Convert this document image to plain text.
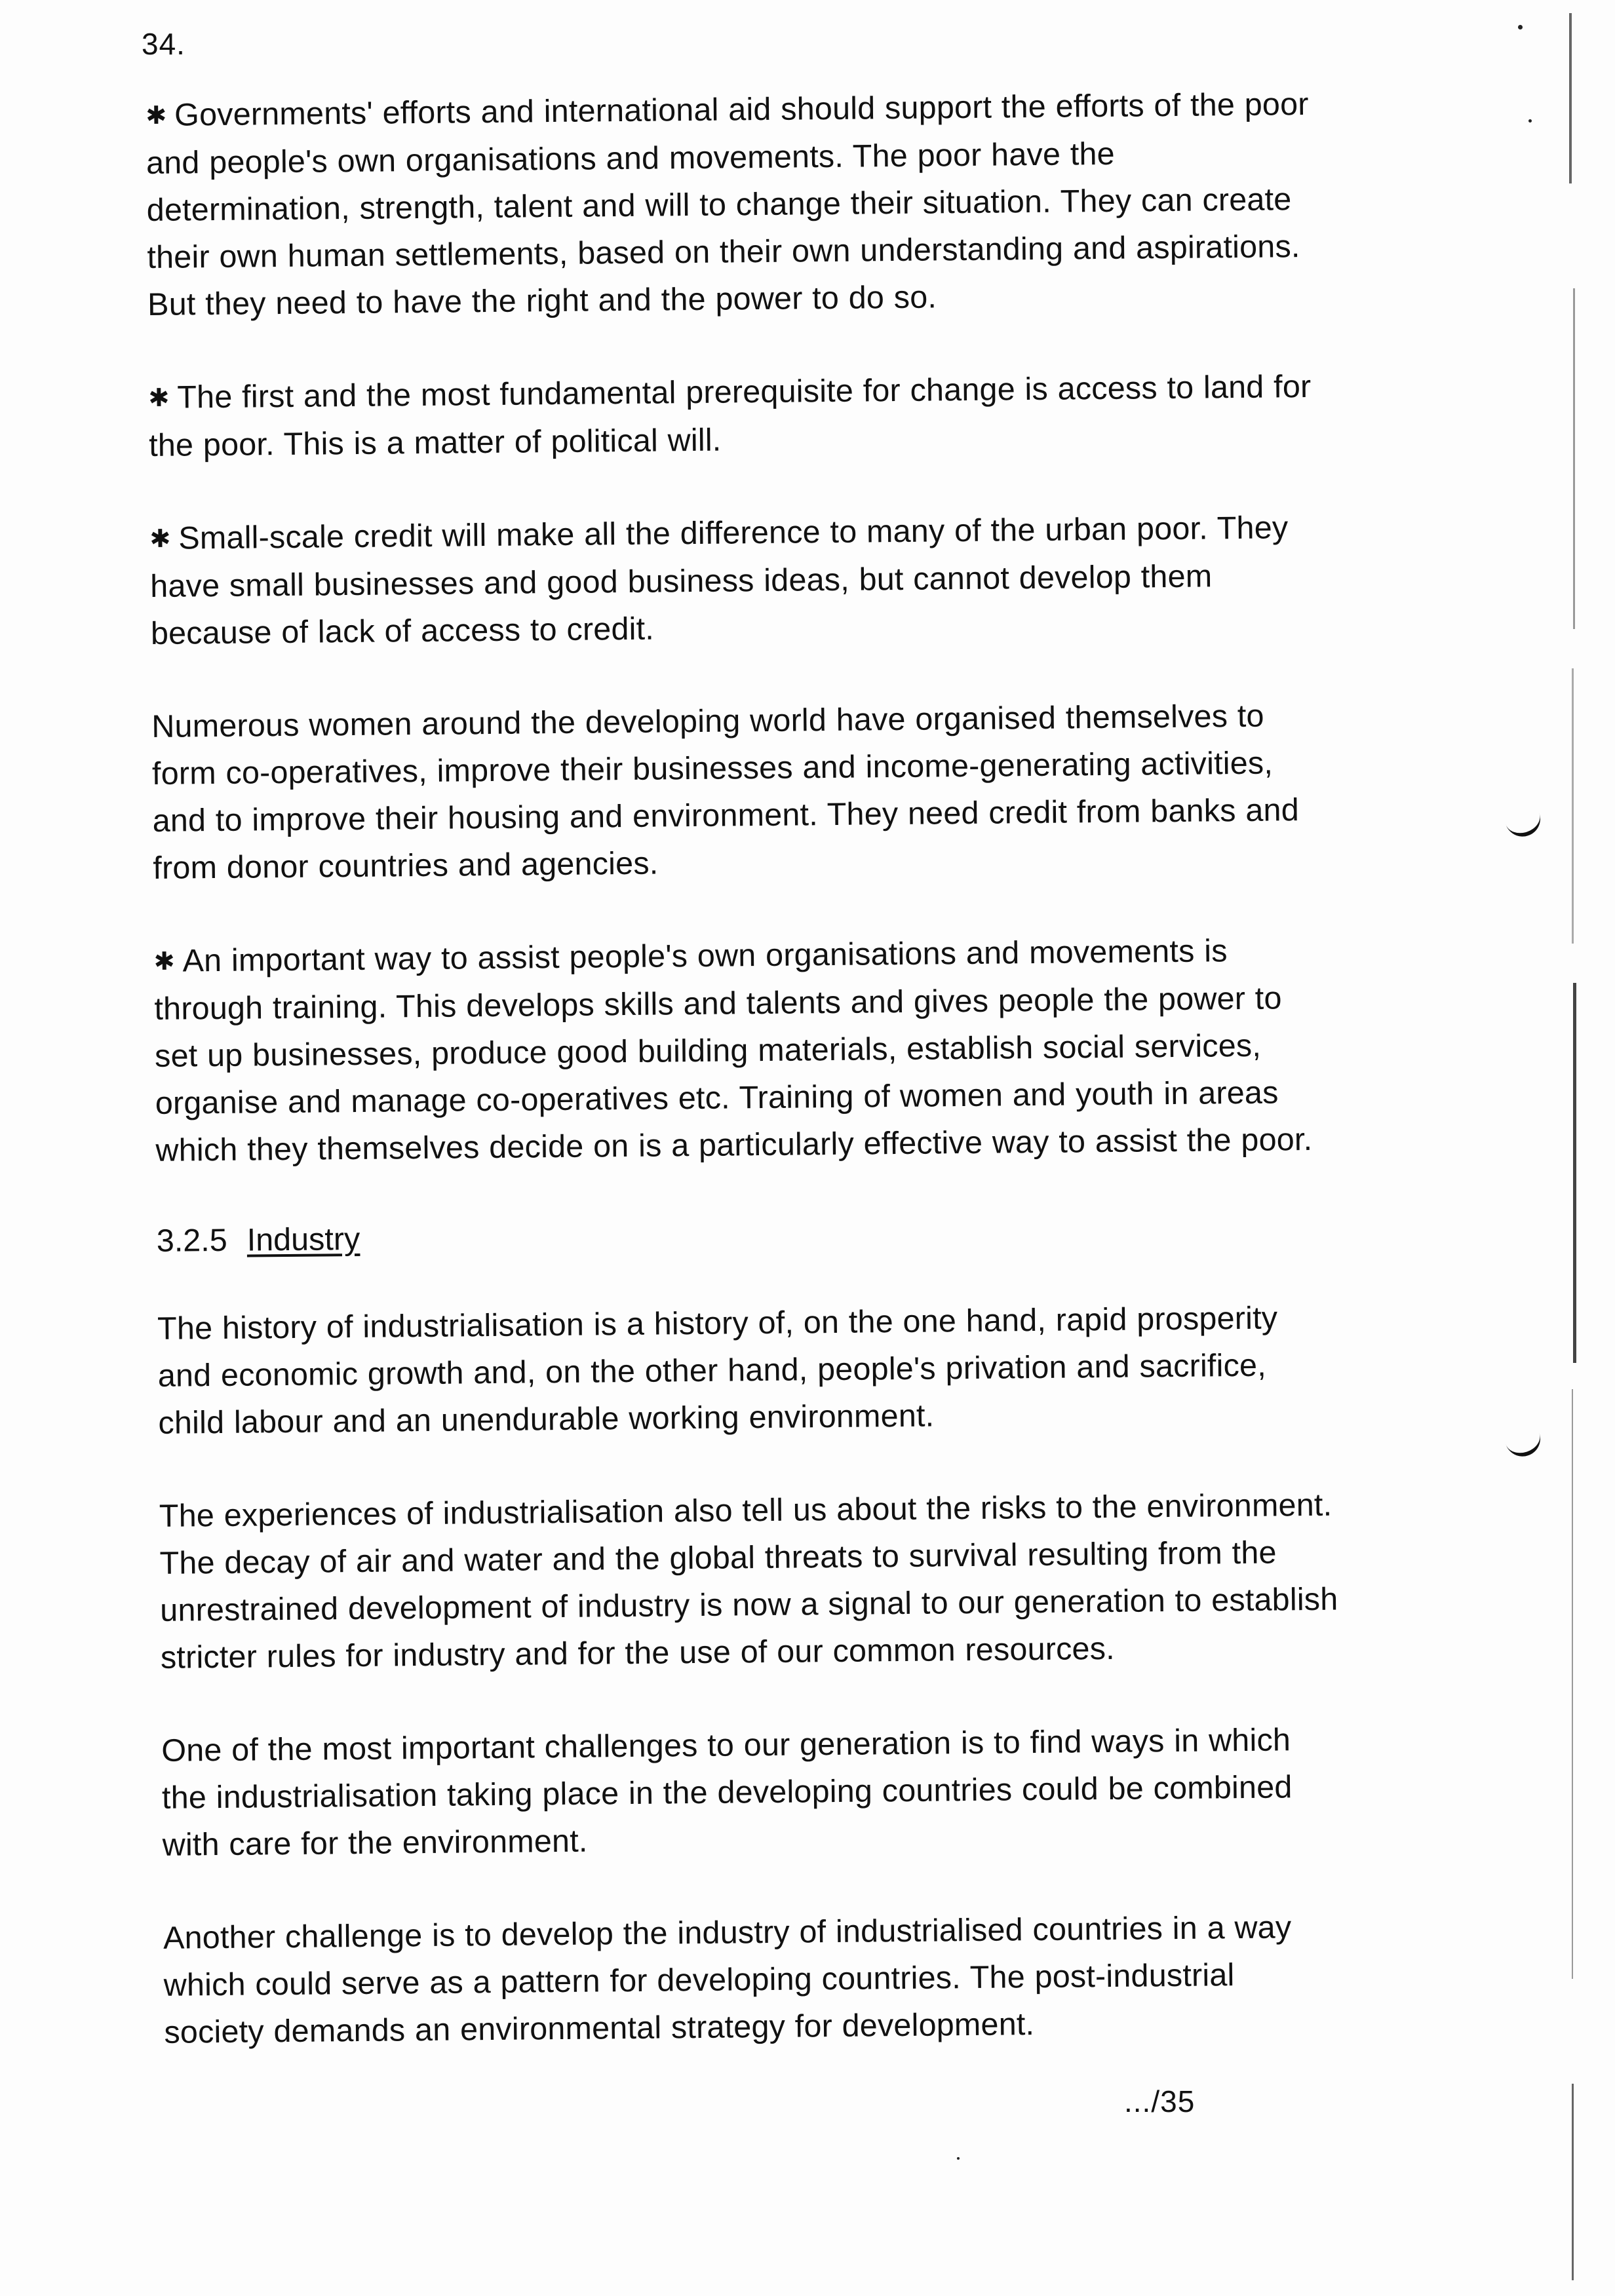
34.

✱ Governments' efforts and international aid should support the efforts of the poor and people's own organisations and movements. The poor have the determination, strength, talent and will to change their situation. They can create their own human settlements, based on their own understanding and aspirations. But they need to have the right and the power to do so.

✱ The first and the most fundamental prerequisite for change is access to land for the poor. This is a matter of political will.

✱ Small-scale credit will make all the difference to many of the urban poor. They have small businesses and good business ideas, but cannot develop them because of lack of access to credit.

Numerous women around the developing world have organised themselves to form co-operatives, improve their businesses and income-generating activities, and to improve their housing and environment. They need credit from banks and from donor countries and agencies.

✱ An important way to assist people's own organisations and movements is through training. This develops skills and talents and gives people the power to set up businesses, produce good building materials, establish social services, organise and manage co-operatives etc. Training of women and youth in areas which they themselves decide on is a particularly effective way to assist the poor.

3.2.5 Industry

The history of industrialisation is a history of, on the one hand, rapid prosperity and economic growth and, on the other hand, people's privation and sacrifice, child labour and an unendurable working environment.

The experiences of industrialisation also tell us about the risks to the environment. The decay of air and water and the global threats to survival resulting from the unrestrained development of industry is now a signal to our generation to establish stricter rules for industry and for the use of our common resources.

One of the most important challenges to our generation is to find ways in which the industrialisation taking place in the developing countries could be combined with care for the environment.

Another challenge is to develop the industry of industrialised countries in a way which could serve as a pattern for developing countries. The post-industrial society demands an environmental strategy for development.

.../35
